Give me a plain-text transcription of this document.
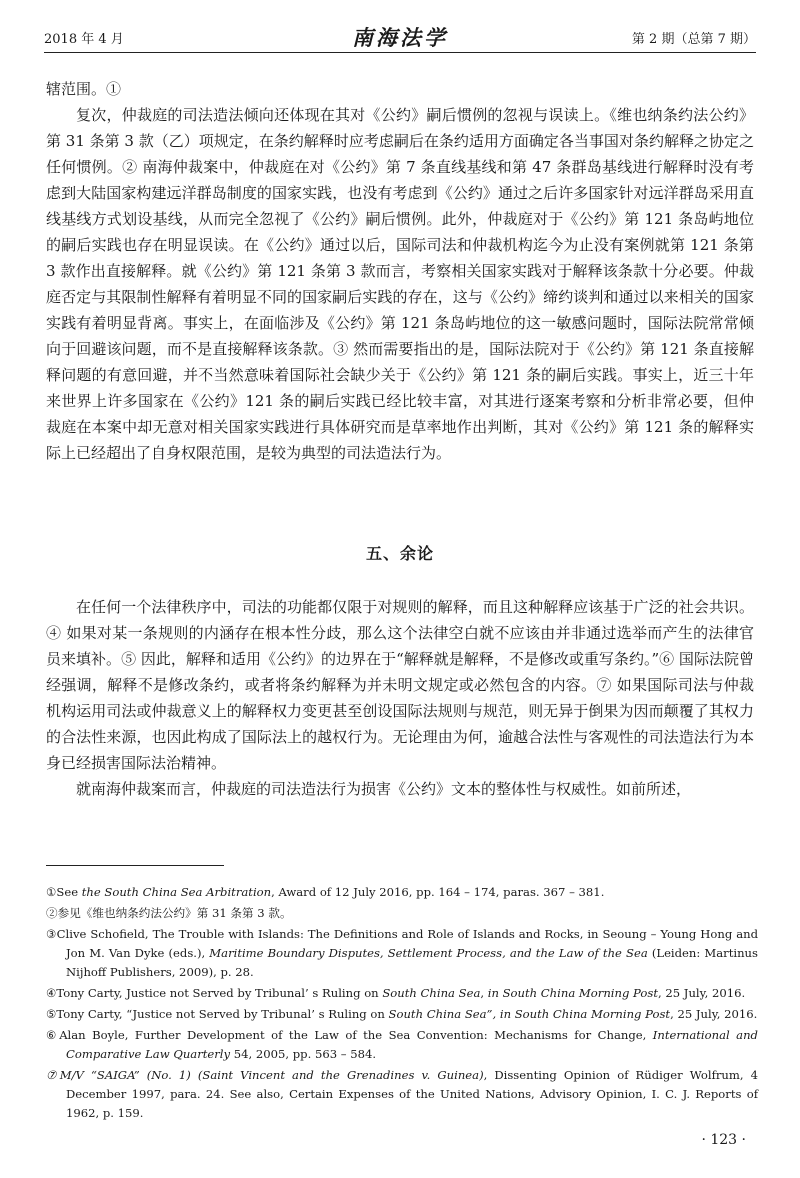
2018 年 4 月	南海法学	第 2 期（总第 7 期）

辖范围。①

复次，仲裁庭的司法造法倾向还体现在其对《公约》嗣后惯例的忽视与误读上。《维也纳条约法公约》第 31 条第 3 款（乙）项规定，在条约解释时应考虑嗣后在条约适用方面确定各当事国对条约解释之协定之任何惯例。② 南海仲裁案中，仲裁庭在对《公约》第 7 条直线基线和第 47 条群岛基线进行解释时没有考虑到大陆国家构建远洋群岛制度的国家实践，也没有考虑到《公约》通过之后许多国家针对远洋群岛采用直线基线方式划设基线，从而完全忽视了《公约》嗣后惯例。此外，仲裁庭对于《公约》第 121 条岛屿地位的嗣后实践也存在明显误读。在《公约》通过以后，国际司法和仲裁机构迄今为止没有案例就第 121 条第 3 款作出直接解释。就《公约》第 121 条第 3 款而言，考察相关国家实践对于解释该条款十分必要。仲裁庭否定与其限制性解释有着明显不同的国家嗣后实践的存在，这与《公约》缔约谈判和通过以来相关的国家实践有着明显背离。事实上，在面临涉及《公约》第 121 条岛屿地位的这一敏感问题时，国际法院常常倾向于回避该问题，而不是直接解释该条款。③ 然而需要指出的是，国际法院对于《公约》第 121 条直接解释问题的有意回避，并不当然意味着国际社会缺少关于《公约》第 121 条的嗣后实践。事实上，近三十年来世界上许多国家在《公约》121 条的嗣后实践已经比较丰富，对其进行逐案考察和分析非常必要，但仲裁庭在本案中却无意对相关国家实践进行具体研究而是草率地作出判断，其对《公约》第 121 条的解释实际上已经超出了自身权限范围，是较为典型的司法造法行为。

五、余论

在任何一个法律秩序中，司法的功能都仅限于对规则的解释，而且这种解释应该基于广泛的社会共识。④ 如果对某一条规则的内涵存在根本性分歧，那么这个法律空白就不应该由并非通过选举而产生的法律官员来填补。⑤ 因此，解释和适用《公约》的边界在于“解释就是解释，不是修改或重写条约。”⑥ 国际法院曾经强调，解释不是修改条约，或者将条约解释为并未明文规定或必然包含的内容。⑦ 如果国际司法与仲裁机构运用司法或仲裁意义上的解释权力变更甚至创设国际法规则与规范，则无异于倒果为因而颠覆了其权力的合法性来源，也因此构成了国际法上的越权行为。无论理由为何，逾越合法性与客观性的司法造法行为本身已经损害国际法治精神。

就南海仲裁案而言，仲裁庭的司法造法行为损害《公约》文本的整体性与权威性。如前所述，

①See the South China Sea Arbitration, Award of 12 July 2016, pp. 164 – 174, paras. 367 – 381.

②参见《维也纳条约法公约》第 31 条第 3 款。

③Clive Schofield, The Trouble with Islands: The Definitions and Role of Islands and Rocks, in Seoung – Young Hong and Jon M. Van Dyke (eds.), Maritime Boundary Disputes, Settlement Process, and the Law of the Sea (Leiden: Martinus Nijhoff Publishers, 2009), p. 28.

④Tony Carty, Justice not Served by Tribunal’ s Ruling on South China Sea, in South China Morning Post, 25 July, 2016.

⑤Tony Carty, “Justice not Served by Tribunal’ s Ruling on South China Sea”, in South China Morning Post, 25 July, 2016.

⑥Alan Boyle, Further Development of the Law of the Sea Convention: Mechanisms for Change, International and Comparative Law Quarterly 54, 2005, pp. 563 – 584.

⑦M/V “SAIGA” (No. 1) (Saint Vincent and the Grenadines v. Guinea), Dissenting Opinion of Rüdiger Wolfrum, 4 December 1997, para. 24. See also, Certain Expenses of the United Nations, Advisory Opinion, I. C. J. Reports of 1962, p. 159.

· 123 ·
